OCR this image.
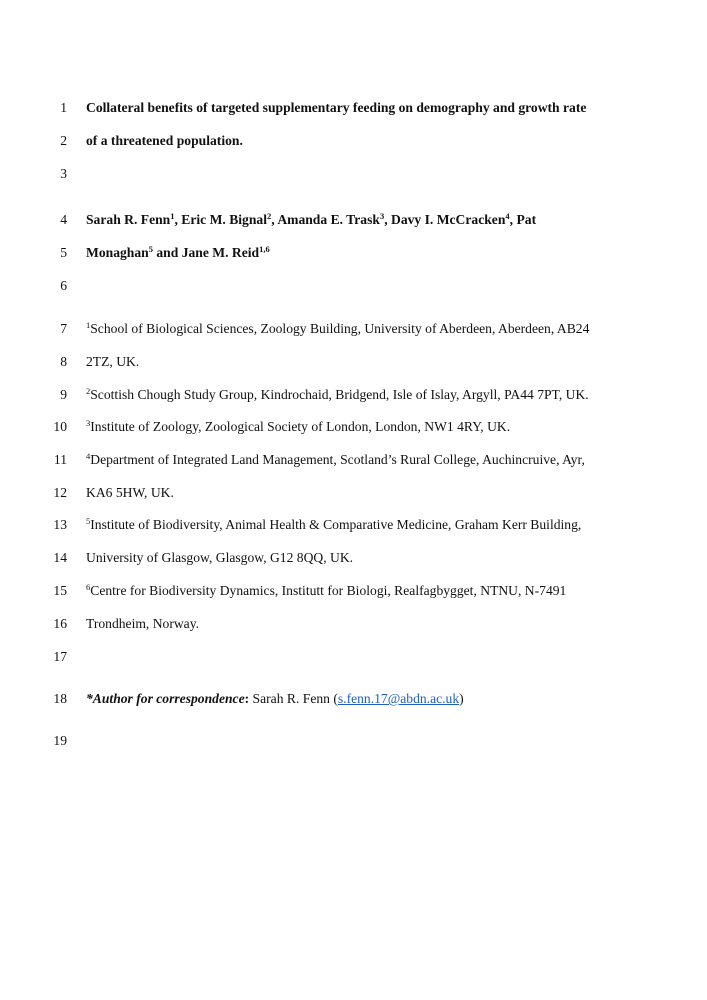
1 Collateral benefits of targeted supplementary feeding on demography and growth rate
2 of a threatened population.
3
4 Sarah R. Fenn$^1$, Eric M. Bignal$^2$, Amanda E. Trask$^3$, Davy I. McCracken$^4$, Pat
5 Monaghan$^5$ and Jane M. Reid$^{1,6}$
6
7 $^1$School of Biological Sciences, Zoology Building, University of Aberdeen, Aberdeen, AB24
8 2TZ, UK.
9 $^2$Scottish Chough Study Group, Kindrochaid, Bridgend, Isle of Islay, Argyll, PA44 7PT, UK.
10 $^3$Institute of Zoology, Zoological Society of London, London, NW1 4RY, UK.
11 $^4$Department of Integrated Land Management, Scotland’s Rural College, Auchincruive, Ayr,
12 KA6 5HW, UK.
13 $^5$Institute of Biodiversity, Animal Health & Comparative Medicine, Graham Kerr Building,
14 University of Glasgow, Glasgow, G12 8QQ, UK.
15 $^6$Centre for Biodiversity Dynamics, Institutt for Biologi, Realfagbygget, NTNU, N-7491
16 Trondheim, Norway.
17
18 *Author for correspondence: Sarah R. Fenn (s.fenn.17@abdn.ac.uk)
19
